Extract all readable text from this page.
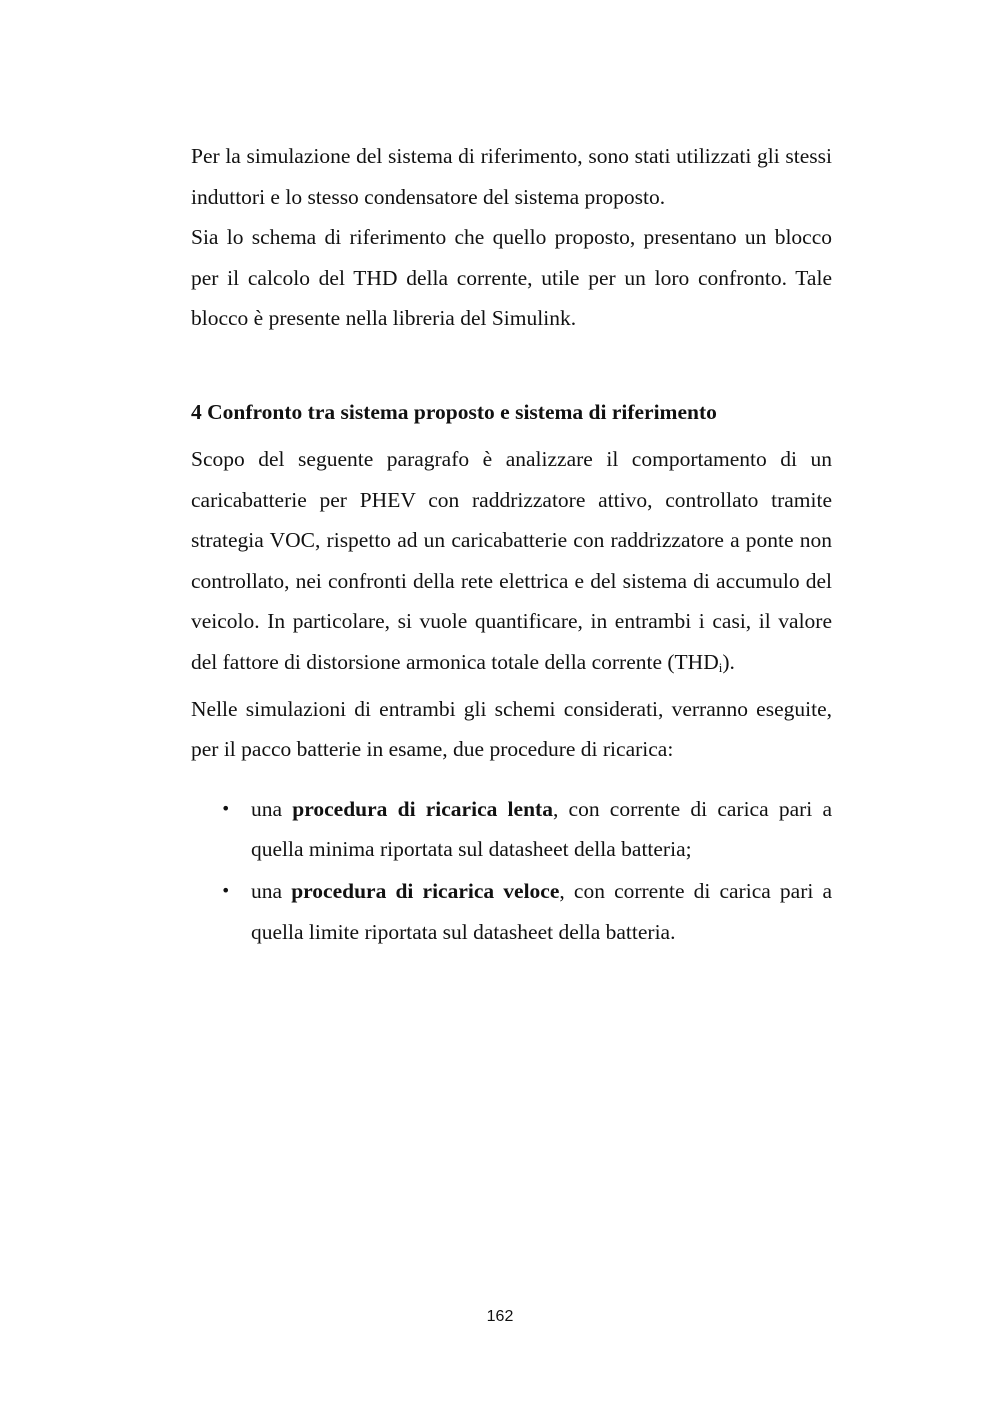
Per la simulazione del sistema di riferimento, sono stati utilizzati gli stessi induttori e lo stesso condensatore del sistema proposto.

Sia lo schema di riferimento che quello proposto, presentano un blocco per il calcolo del THD della corrente, utile per un loro confronto. Tale blocco è presente nella libreria del Simulink.

4 Confronto tra sistema proposto e sistema di riferimento

Scopo del seguente paragrafo è analizzare il comportamento di un caricabatterie per PHEV con raddrizzatore attivo, controllato tramite strategia VOC, rispetto ad un caricabatterie con raddrizzatore a ponte non controllato, nei confronti della rete elettrica e del sistema di accumulo del veicolo. In particolare, si vuole quantificare, in entrambi i casi, il valore del fattore di distorsione armonica totale della corrente $(THD_i)$.

Nelle simulazioni di entrambi gli schemi considerati, verranno eseguite, per il pacco batterie in esame, due procedure di ricarica:

• una procedura di ricarica lenta, con corrente di carica pari a quella minima riportata sul datasheet della batteria;
• una procedura di ricarica veloce, con corrente di carica pari a quella limite riportata sul datasheet della batteria.
162
